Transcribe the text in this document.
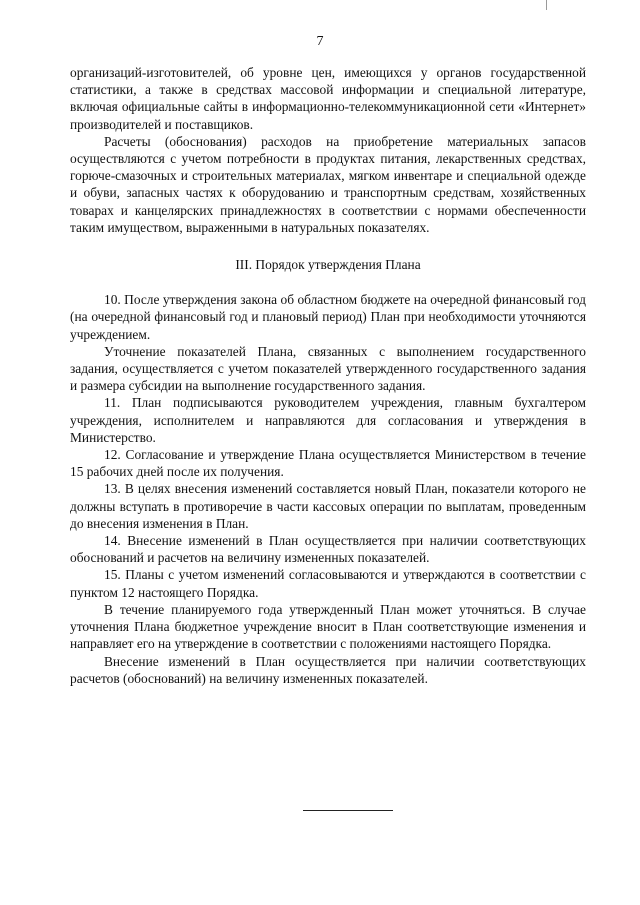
7

организаций-изготовителей, об уровне цен, имеющихся у органов государственной статистики, а также в средствах массовой информации и специальной литературе, включая официальные сайты в информационно-телекоммуникационной сети «Интернет» производителей и поставщиков.

Расчеты (обоснования) расходов на приобретение материальных запасов осуществляются с учетом потребности в продуктах питания, лекарственных средствах, горюче-смазочных и строительных материалах, мягком инвентаре и специальной одежде и обуви, запасных частях к оборудованию и транспортным средствам, хозяйственных товарах и канцелярских принадлежностях в соответствии с нормами обеспеченности таким имуществом, выраженными в натуральных показателях.

III. Порядок утверждения Плана

10. После утверждения закона об областном бюджете на очередной финансовый год (на очередной финансовый год и плановый период) План при необходимости уточняются учреждением.

Уточнение показателей Плана, связанных с выполнением государственного задания, осуществляется с учетом показателей утвержденного государственного задания и размера субсидии на выполнение государственного задания.

11. План подписываются руководителем учреждения, главным бухгалтером учреждения, исполнителем и направляются для согласования и утверждения в Министерство.

12. Согласование и утверждение Плана осуществляется Министерством в течение 15 рабочих дней после их получения.

13. В целях внесения изменений составляется новый План, показатели которого не должны вступать в противоречие в части кассовых операции по выплатам, проведенным до внесения изменения в План.

14. Внесение изменений в План осуществляется при наличии соответствующих обоснований и расчетов на величину измененных показателей.

15. Планы с учетом изменений согласовываются и утверждаются в соответствии с пунктом 12 настоящего Порядка.

В течение планируемого года утвержденный План может уточняться. В случае уточнения Плана бюджетное учреждение вносит в План соответствующие изменения и направляет его на утверждение в соответствии с положениями настоящего Порядка.

Внесение изменений в План осуществляется при наличии соответствующих расчетов (обоснований) на величину измененных показателей.
